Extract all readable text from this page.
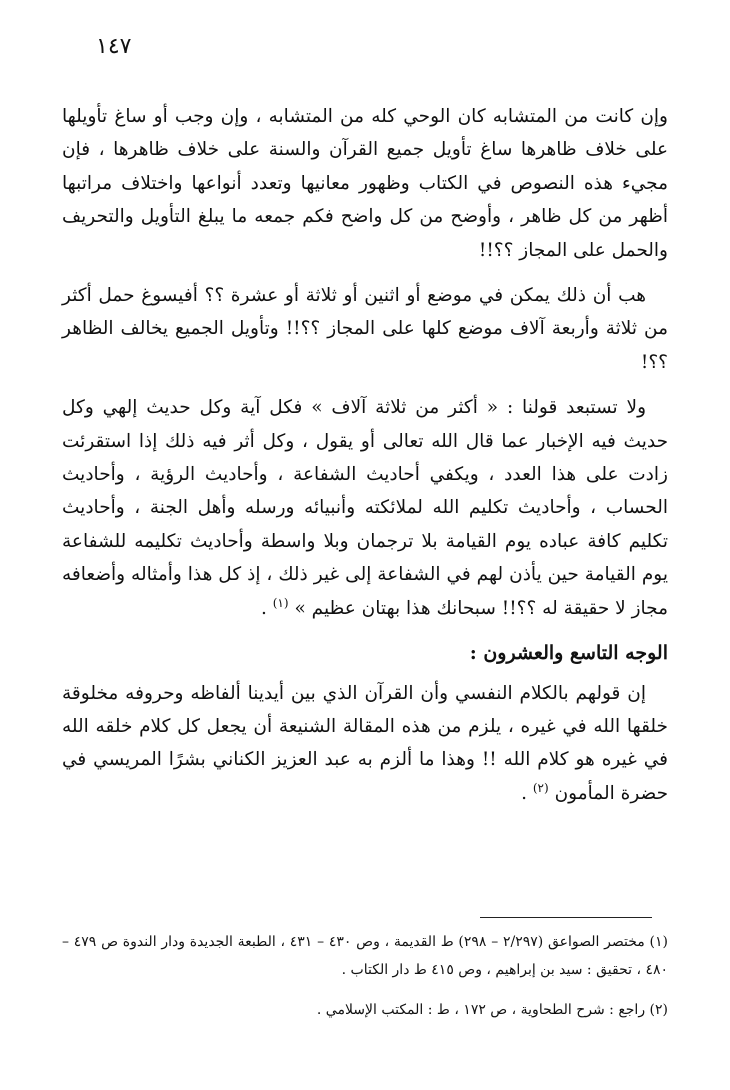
١٤٧

وإن كانت من المتشابه كان الوحي كله من المتشابه ، وإن وجب أو ساغ تأويلها على خلاف ظاهرها ساغ تأويل جميع القرآن والسنة على خلاف ظاهرها ، فإن مجيء هذه النصوص في الكتاب وظهور معانيها وتعدد أنواعها واختلاف مراتبها أظهر من كل ظاهر ، وأوضح من كل واضح فكم جمعه ما يبلغ التأويل والتحريف والحمل على المجاز ؟؟!!

هب أن ذلك يمكن في موضع أو اثنين أو ثلاثة أو عشرة ؟؟ أفيسوغ حمل أكثر من ثلاثة وأربعة آلاف موضع كلها على المجاز ؟؟!! وتأويل الجميع يخالف الظاهر ؟؟!

ولا تستبعد قولنا : « أكثر من ثلاثة آلاف » فكل آية وكل حديث إلهي وكل حديث فيه الإخبار عما قال الله تعالى أو يقول ، وكل أثر فيه ذلك إذا استقرئت زادت على هذا العدد ، ويكفي أحاديث الشفاعة ، وأحاديث الرؤية ، وأحاديث الحساب ، وأحاديث تكليم الله لملائكته وأنبيائه ورسله وأهل الجنة ، وأحاديث تكليم كافة عباده يوم القيامة بلا ترجمان وبلا واسطة وأحاديث تكليمه للشفاعة يوم القيامة حين يأذن لهم في الشفاعة إلى غير ذلك ، إذ كل هذا وأمثاله وأضعافه مجاز لا حقيقة له ؟؟!! سبحانك هذا بهتان عظيم » $^{(١)}$ .

الوجه التاسع والعشرون :

إن قولهم بالكلام النفسي وأن القرآن الذي بين أيدينا ألفاظه وحروفه مخلوقة خلقها الله في غيره ، يلزم من هذه المقالة الشنيعة أن يجعل كل كلام خلقه الله في غيره هو كلام الله !! وهذا ما ألزم به عبد العزيز الكناني بشرًا المريسي في حضرة المأمون $^{(٢)}$ .

(١) مختصر الصواعق (٢/٢٩٧ – ٢٩٨) ط القديمة ، وص ٤٣٠ – ٤٣١ ، الطبعة الجديدة ودار الندوة ص ٤٧٩ – ٤٨٠ ، تحقيق : سيد بن إبراهيم ، وص ٤١٥ ط دار الكتاب .

(٢) راجع : شرح الطحاوية ، ص ١٧٢ ، ط : المكتب الإسلامي .
